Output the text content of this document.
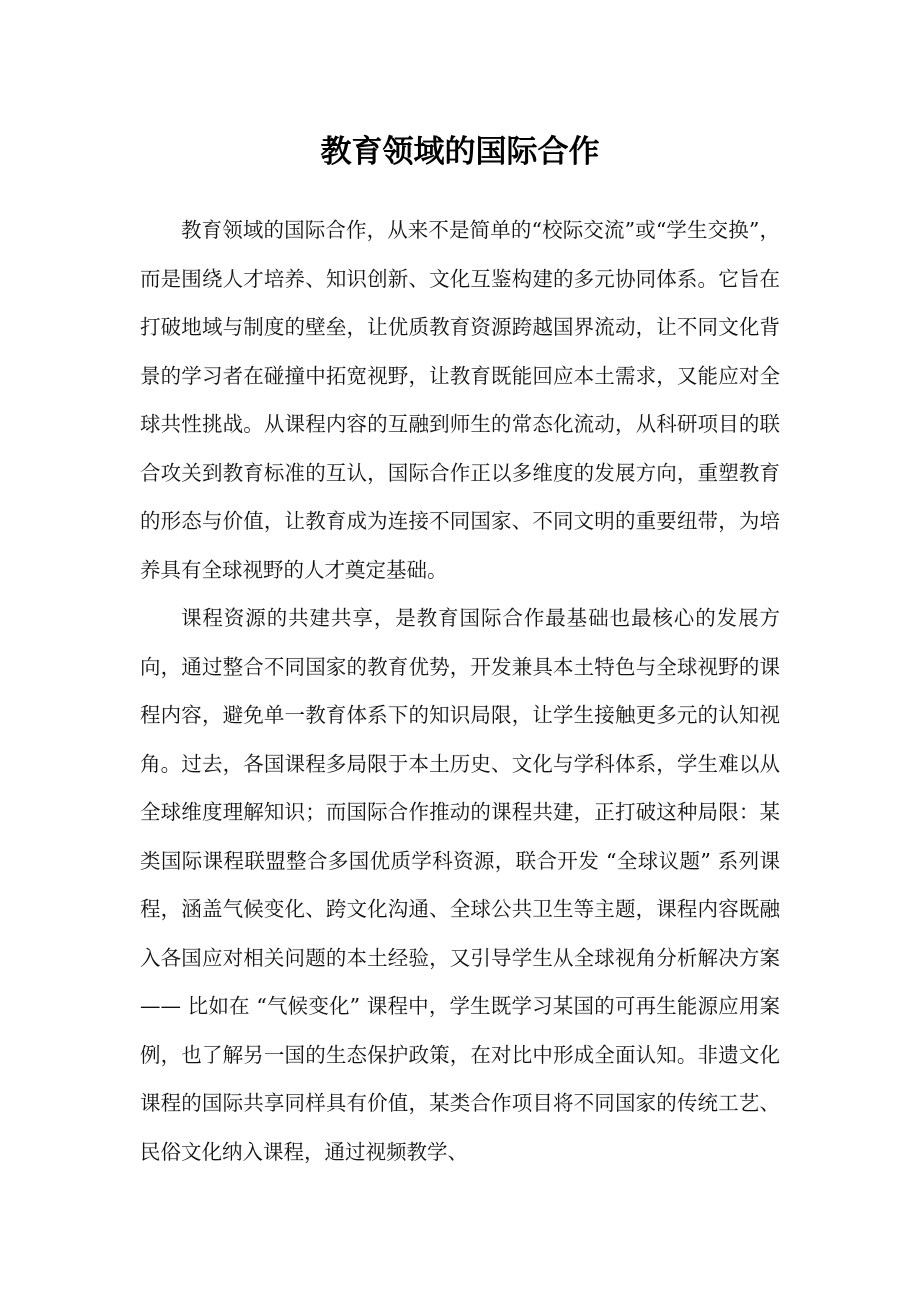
教育领域的国际合作

教育领域的国际合作，从来不是简单的“校际交流”或“学生交换”，而是围绕人才培养、知识创新、文化互鉴构建的多元协同体系。它旨在打破地域与制度的壁垒，让优质教育资源跨越国界流动，让不同文化背景的学习者在碰撞中拓宽视野，让教育既能回应本土需求，又能应对全球共性挑战。从课程内容的互融到师生的常态化流动，从科研项目的联合攻关到教育标准的互认，国际合作正以多维度的发展方向，重塑教育的形态与价值，让教育成为连接不同国家、不同文明的重要纽带，为培养具有全球视野的人才奠定基础。

课程资源的共建共享，是教育国际合作最基础也最核心的发展方向，通过整合不同国家的教育优势，开发兼具本土特色与全球视野的课程内容，避免单一教育体系下的知识局限，让学生接触更多元的认知视角。过去，各国课程多局限于本土历史、文化与学科体系，学生难以从全球维度理解知识；而国际合作推动的课程共建，正打破这种局限：某类国际课程联盟整合多国优质学科资源，联合开发 “全球议题” 系列课程，涵盖气候变化、跨文化沟通、全球公共卫生等主题，课程内容既融入各国应对相关问题的本土经验，又引导学生从全球视角分析解决方案 —— 比如在 “气候变化” 课程中，学生既学习某国的可再生能源应用案例，也了解另一国的生态保护政策，在对比中形成全面认知。非遗文化课程的国际共享同样具有价值，某类合作项目将不同国家的传统工艺、民俗文化纳入课程，通过视频教学、
